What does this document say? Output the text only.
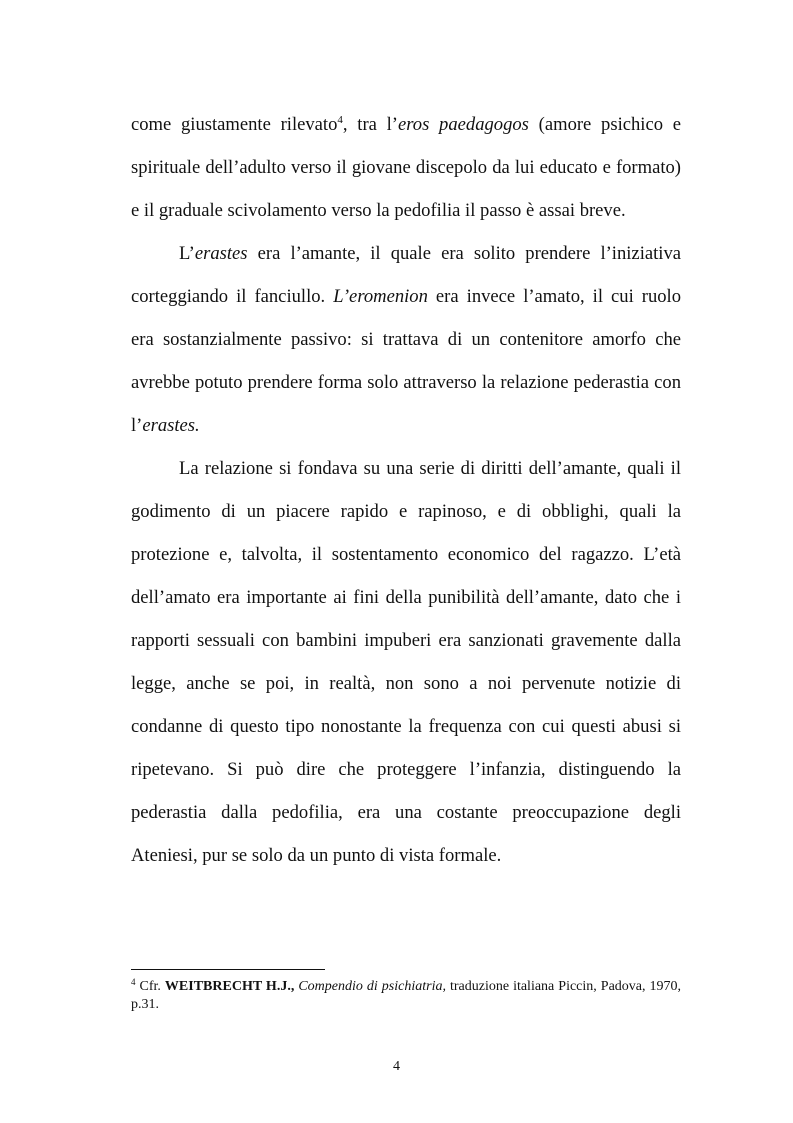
come giustamente rilevato$^4$, tra l’eros paedagogos (amore psichico e
spirituale dell’adulto verso il giovane discepolo da lui educato e formato)
e il graduale scivolamento verso la pedofilia il passo è assai breve.
L’erastes era l’amante, il quale era solito prendere l’iniziativa
corteggiando il fanciullo. L’eromenion era invece l’amato, il cui ruolo
era sostanzialmente passivo: si trattava di un contenitore amorfo che
avrebbe potuto prendere forma solo attraverso la relazione pederastia con
l’erastes.
La relazione si fondava su una serie di diritti dell’amante, quali il
godimento di un piacere rapido e rapinoso, e di obblighi, quali la
protezione e, talvolta, il sostentamento economico del ragazzo. L’età
dell’amato era importante ai fini della punibilità dell’amante, dato che i
rapporti sessuali con bambini impuberi era sanzionati gravemente dalla
legge, anche se poi, in realtà, non sono a noi pervenute notizie di
condanne di questo tipo nonostante la frequenza con cui questi abusi si
ripetevano. Si può dire che proteggere l’infanzia, distinguendo la
pederastia dalla pedofilia, era una costante preoccupazione degli
Ateniesi, pur se solo da un punto di vista formale.
$^4$ Cfr. WEITBRECHT H.J., Compendio di psichiatria, traduzione italiana Piccin, Padova, 1970,
p.31.
4
